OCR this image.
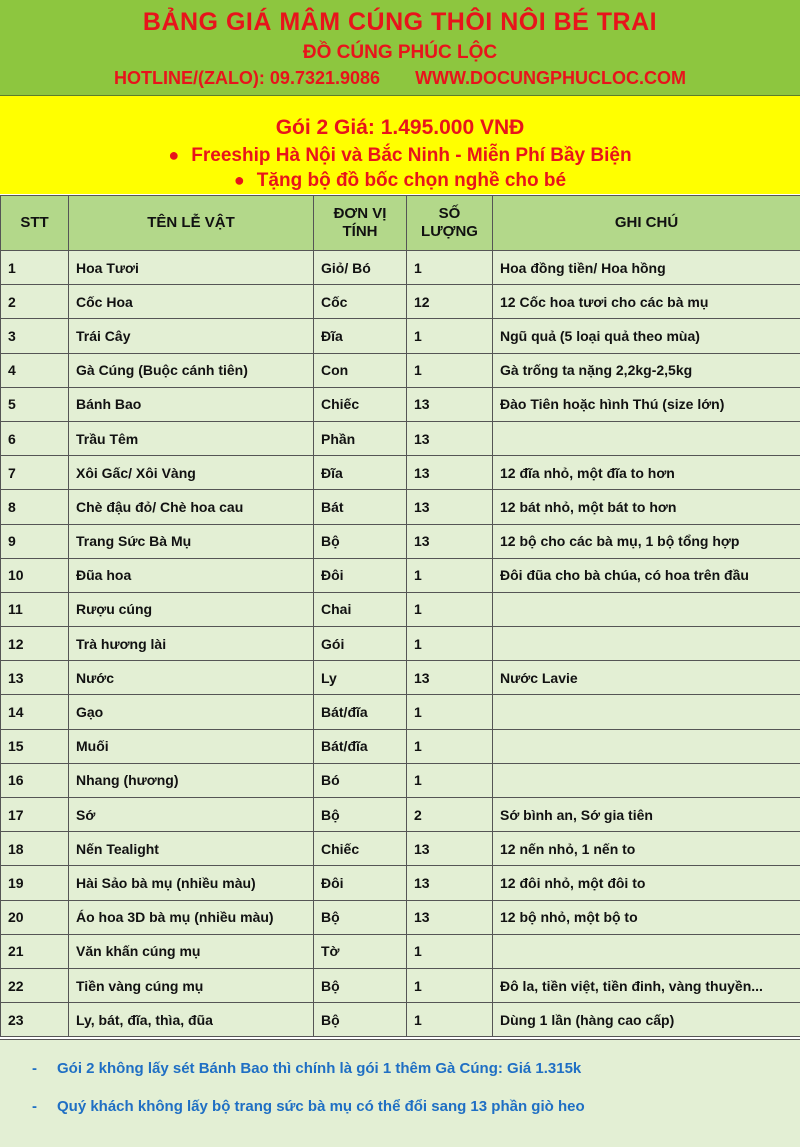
BẢNG GIÁ MÂM CÚNG THÔI NÔI BÉ TRAI
ĐỒ CÚNG PHÚC LỘC
HOTLINE/(ZALO): 09.7321.9086 WWW.DOCUNGPHUCLOC.COM
Gói 2 Giá: 1.495.000 VNĐ
● Freeship Hà Nội và Bắc Ninh - Miễn Phí Bầy Biện
● Tặng bộ đồ bốc chọn nghề cho bé
STT	TÊN LỄ VẬT	ĐƠN VỊ TÍNH	SỐ LƯỢNG	GHI CHÚ
1	Hoa Tươi	Giỏ/ Bó	1	Hoa đồng tiền/ Hoa hồng
2	Cốc Hoa	Cốc	12	12 Cốc hoa tươi cho các bà mụ
3	Trái Cây	Đĩa	1	Ngũ quả (5 loại quả theo mùa)
4	Gà Cúng (Buộc cánh tiên)	Con	1	Gà trống ta nặng 2,2kg-2,5kg
5	Bánh Bao	Chiếc	13	Đào Tiên hoặc hình Thú (size lớn)
6	Trầu Têm	Phần	13	
7	Xôi Gấc/ Xôi Vàng	Đĩa	13	12 đĩa nhỏ, một đĩa to hơn
8	Chè đậu đỏ/ Chè hoa cau	Bát	13	12 bát nhỏ, một bát to hơn
9	Trang Sức Bà Mụ	Bộ	13	12 bộ cho các bà mụ, 1 bộ tổng hợp
10	Đũa hoa	Đôi	1	Đôi đũa cho bà chúa, có hoa trên đầu
11	Rượu cúng	Chai	1	
12	Trà hương lài	Gói	1	
13	Nước	Ly	13	Nước Lavie
14	Gạo	Bát/đĩa	1	
15	Muối	Bát/đĩa	1	
16	Nhang (hương)	Bó	1	
17	Sớ	Bộ	2	Sớ bình an, Sớ gia tiên
18	Nến Tealight	Chiếc	13	12 nến nhỏ, 1 nến to
19	Hài Sảo bà mụ (nhiều màu)	Đôi	13	12 đôi nhỏ, một đôi to
20	Áo hoa 3D bà mụ (nhiều màu)	Bộ	13	12 bộ nhỏ, một bộ to
21	Văn khấn cúng mụ	Tờ	1	
22	Tiền vàng cúng mụ	Bộ	1	Đô la, tiền việt, tiền đinh, vàng thuyền...
23	Ly, bát, đĩa, thìa, đũa	Bộ	1	Dùng 1 lần (hàng cao cấp)
- Gói 2 không lấy sét Bánh Bao thì chính là gói 1 thêm Gà Cúng: Giá 1.315k
- Quý khách không lấy bộ trang sức bà mụ có thể đổi sang 13 phần giò heo
